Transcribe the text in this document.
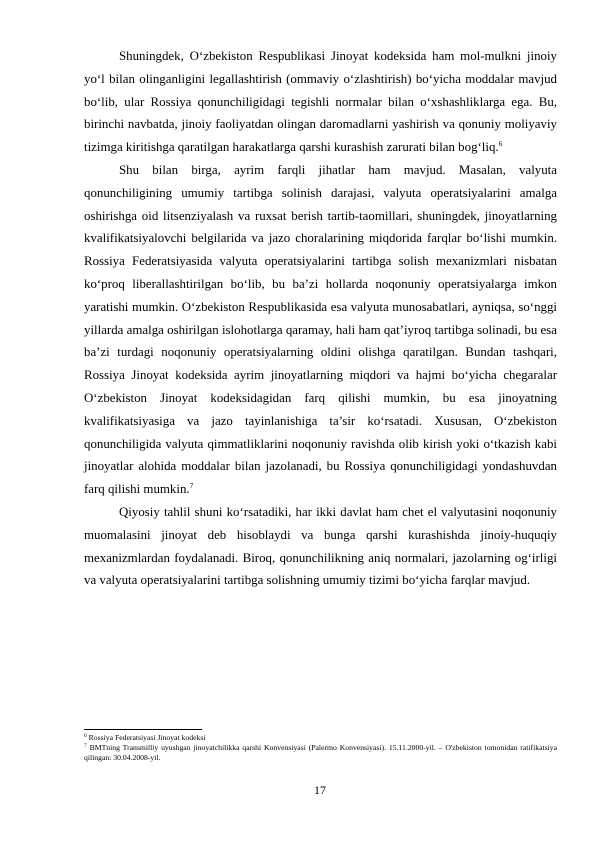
Shuningdek, O‘zbekiston Respublikasi Jinoyat kodeksida ham mol-mulkni jinoiy yo‘l bilan olinganligini legallashtirish (ommaviy o‘zlashtirish) bo‘yicha moddalar mavjud bo‘lib, ular Rossiya qonunchiligidagi tegishli normalar bilan o‘xshashliklarga ega. Bu, birinchi navbatda, jinoiy faoliyatdan olingan daromadlarni yashirish va qonuniy moliyaviy tizimga kiritishga qaratilgan harakatlarga qarshi kurashish zarurati bilan bog‘liq.$^6$

Shu bilan birga, ayrim farqli jihatlar ham mavjud. Masalan, valyuta qonunchiligining umumiy tartibga solinish darajasi, valyuta operatsiyalarini amalga oshirishga oid litsenziyalash va ruxsat berish tartib-taomillari, shuningdek, jinoyatlarning kvalifikatsiyalovchi belgilarida va jazo choralarining miqdorida farqlar bo‘lishi mumkin. Rossiya Federatsiyasida valyuta operatsiyalarini tartibga solish mexanizmlari nisbatan ko‘proq liberallashtirilgan bo‘lib, bu ba’zi hollarda noqonuniy operatsiyalarga imkon yaratishi mumkin. O‘zbekiston Respublikasida esa valyuta munosabatlari, ayniqsa, so‘nggi yillarda amalga oshirilgan islohotlarga qaramay, hali ham qat’iyroq tartibga solinadi, bu esa ba’zi turdagi noqonuniy operatsiyalarning oldini olishga qaratilgan. Bundan tashqari, Rossiya Jinoyat kodeksida ayrim jinoyatlarning miqdori va hajmi bo‘yicha chegaralar O‘zbekiston Jinoyat kodeksidagidan farq qilishi mumkin, bu esa jinoyatning kvalifikatsiyasiga va jazo tayinlanishiga ta’sir ko‘rsatadi. Xususan, O‘zbekiston qonunchiligida valyuta qimmatliklarini noqonuniy ravishda olib kirish yoki o‘tkazish kabi jinoyatlar alohida moddalar bilan jazolanadi, bu Rossiya qonunchiligidagi yondashuvdan farq qilishi mumkin.$^7$

Qiyosiy tahlil shuni ko‘rsatadiki, har ikki davlat ham chet el valyutasini noqonuniy muomalasini jinoyat deb hisoblaydi va bunga qarshi kurashishda jinoiy-huquqiy mexanizmlardan foydalanadi. Biroq, qonunchilikning aniq normalari, jazolarning og‘irligi va valyuta operatsiyalarini tartibga solishning umumiy tizimi bo‘yicha farqlar mavjud.

$^6$ Rossiya Federatsiyasi Jinoyat kodeksi

$^7$ BMTning Transmilliy uyushgan jinoyatchilikka qarshi Konvensiyasi (Palermo Konvensiyasi). 15.11.2000-yil. – O'zbekiston tomonidan ratifikatsiya qilingan: 30.04.2008-yil.

17
